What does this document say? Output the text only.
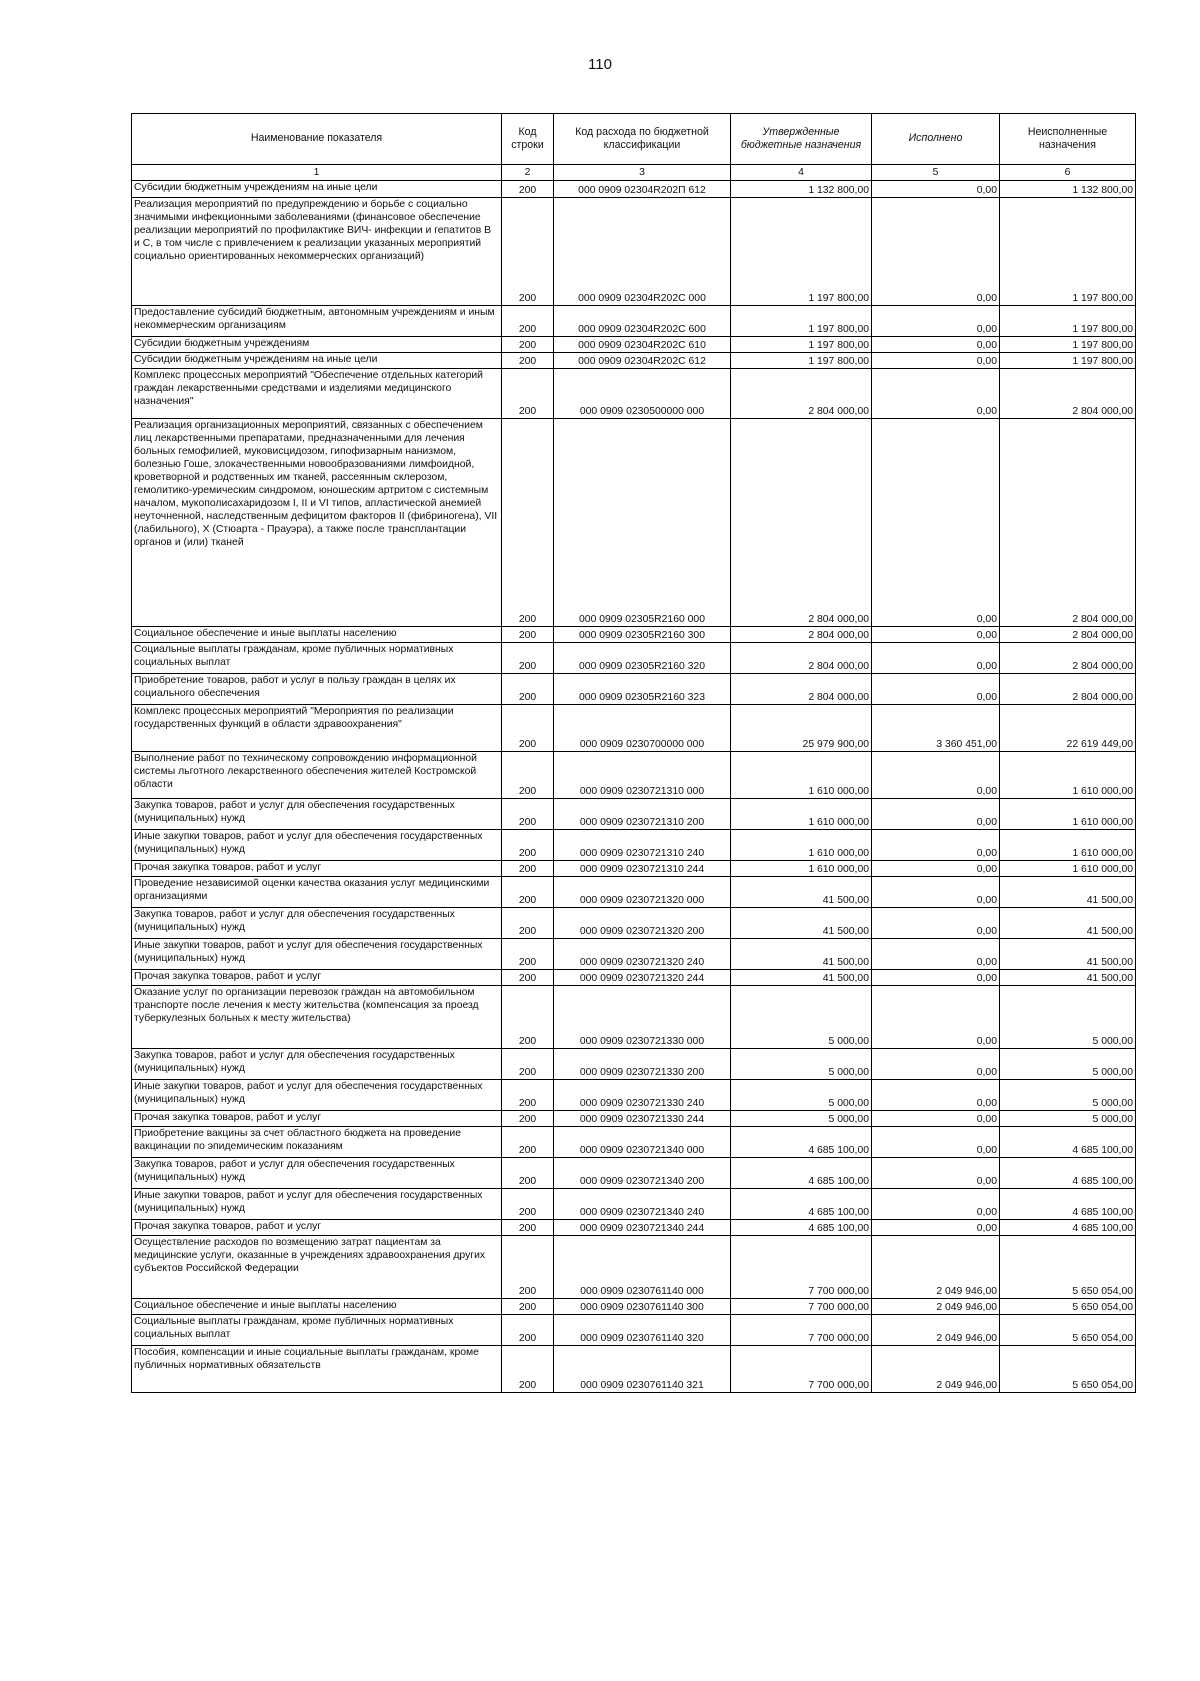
110
Наименование показателя	Код строки	Код расхода по бюджетной классификации	Утвержденные бюджетные назначения	Исполнено	Неисполненные назначения
1	2	3	4	5	6
Субсидии бюджетным учреждениям на иные цели	200	000 0909 02304R202П 612	1 132 800,00	0,00	1 132 800,00
Реализация мероприятий по предупреждению и борьбе с социально значимыми инфекционными заболеваниями (финансовое обеспечение реализации мероприятий по профилактике ВИЧ- инфекции и гепатитов В и С, в том числе с привлечением к реализации указанных мероприятий социально ориентированных некоммерческих организаций)	200	000 0909 02304R202C 000	1 197 800,00	0,00	1 197 800,00
Предоставление субсидий бюджетным, автономным учреждениям и иным некоммерческим организациям	200	000 0909 02304R202C 600	1 197 800,00	0,00	1 197 800,00
Субсидии бюджетным учреждениям	200	000 0909 02304R202C 610	1 197 800,00	0,00	1 197 800,00
Субсидии бюджетным учреждениям на иные цели	200	000 0909 02304R202C 612	1 197 800,00	0,00	1 197 800,00
Комплекс процессных мероприятий "Обеспечение отдельных категорий граждан лекарственными средствами и изделиями медицинского назначения"	200	000 0909 0230500000 000	2 804 000,00	0,00	2 804 000,00
Реализация организационных мероприятий, связанных с обеспечением лиц лекарственными препаратами, предназначенными для лечения больных гемофилией, муковисцидозом, гипофизарным нанизмом, болезнью Гоше, злокачественными новообразованиями лимфоидной, кроветворной и родственных им тканей, рассеянным склерозом, гемолитико-уремическим синдромом, юношеским артритом с системным началом, мукополисахаридозом I, II и VI типов, апластической анемией неуточненной, наследственным дефицитом факторов II (фибриногена), VII (лабильного), X (Стюарта - Прауэра), а также после трансплантации органов и (или) тканей	200	000 0909 02305R2160 000	2 804 000,00	0,00	2 804 000,00
Социальное обеспечение и иные выплаты населению	200	000 0909 02305R2160 300	2 804 000,00	0,00	2 804 000,00
Социальные выплаты гражданам, кроме публичных нормативных социальных выплат	200	000 0909 02305R2160 320	2 804 000,00	0,00	2 804 000,00
Приобретение товаров, работ и услуг в пользу граждан в целях их социального обеспечения	200	000 0909 02305R2160 323	2 804 000,00	0,00	2 804 000,00
Комплекс процессных мероприятий "Мероприятия по реализации государственных функций в области здравоохранения"	200	000 0909 0230700000 000	25 979 900,00	3 360 451,00	22 619 449,00
Выполнение работ по техническому сопровождению информационной системы льготного лекарственного обеспечения жителей Костромской области	200	000 0909 0230721310 000	1 610 000,00	0,00	1 610 000,00
Закупка товаров, работ и услуг для обеспечения государственных (муниципальных) нужд	200	000 0909 0230721310 200	1 610 000,00	0,00	1 610 000,00
Иные закупки товаров, работ и услуг для обеспечения государственных (муниципальных) нужд	200	000 0909 0230721310 240	1 610 000,00	0,00	1 610 000,00
Прочая закупка товаров, работ и услуг	200	000 0909 0230721310 244	1 610 000,00	0,00	1 610 000,00
Проведение независимой оценки качества оказания услуг медицинскими организациями	200	000 0909 0230721320 000	41 500,00	0,00	41 500,00
Закупка товаров, работ и услуг для обеспечения государственных (муниципальных) нужд	200	000 0909 0230721320 200	41 500,00	0,00	41 500,00
Иные закупки товаров, работ и услуг для обеспечения государственных (муниципальных) нужд	200	000 0909 0230721320 240	41 500,00	0,00	41 500,00
Прочая закупка товаров, работ и услуг	200	000 0909 0230721320 244	41 500,00	0,00	41 500,00
Оказание услуг по организации перевозок граждан на автомобильном транспорте после лечения к месту жительства (компенсация за проезд туберкулезных больных к месту жительства)	200	000 0909 0230721330 000	5 000,00	0,00	5 000,00
Закупка товаров, работ и услуг для обеспечения государственных (муниципальных) нужд	200	000 0909 0230721330 200	5 000,00	0,00	5 000,00
Иные закупки товаров, работ и услуг для обеспечения государственных (муниципальных) нужд	200	000 0909 0230721330 240	5 000,00	0,00	5 000,00
Прочая закупка товаров, работ и услуг	200	000 0909 0230721330 244	5 000,00	0,00	5 000,00
Приобретение вакцины за счет областного бюджета на проведение вакцинации по эпидемическим показаниям	200	000 0909 0230721340 000	4 685 100,00	0,00	4 685 100,00
Закупка товаров, работ и услуг для обеспечения государственных (муниципальных) нужд	200	000 0909 0230721340 200	4 685 100,00	0,00	4 685 100,00
Иные закупки товаров, работ и услуг для обеспечения государственных (муниципальных) нужд	200	000 0909 0230721340 240	4 685 100,00	0,00	4 685 100,00
Прочая закупка товаров, работ и услуг	200	000 0909 0230721340 244	4 685 100,00	0,00	4 685 100,00
Осуществление расходов по возмещению затрат пациентам за медицинские услуги, оказанные в учреждениях здравоохранения других субъектов Российской Федерации	200	000 0909 0230761140 000	7 700 000,00	2 049 946,00	5 650 054,00
Социальное обеспечение и иные выплаты населению	200	000 0909 0230761140 300	7 700 000,00	2 049 946,00	5 650 054,00
Социальные выплаты гражданам, кроме публичных нормативных социальных выплат	200	000 0909 0230761140 320	7 700 000,00	2 049 946,00	5 650 054,00
Пособия, компенсации и иные социальные выплаты гражданам, кроме публичных нормативных обязательств	200	000 0909 0230761140 321	7 700 000,00	2 049 946,00	5 650 054,00
